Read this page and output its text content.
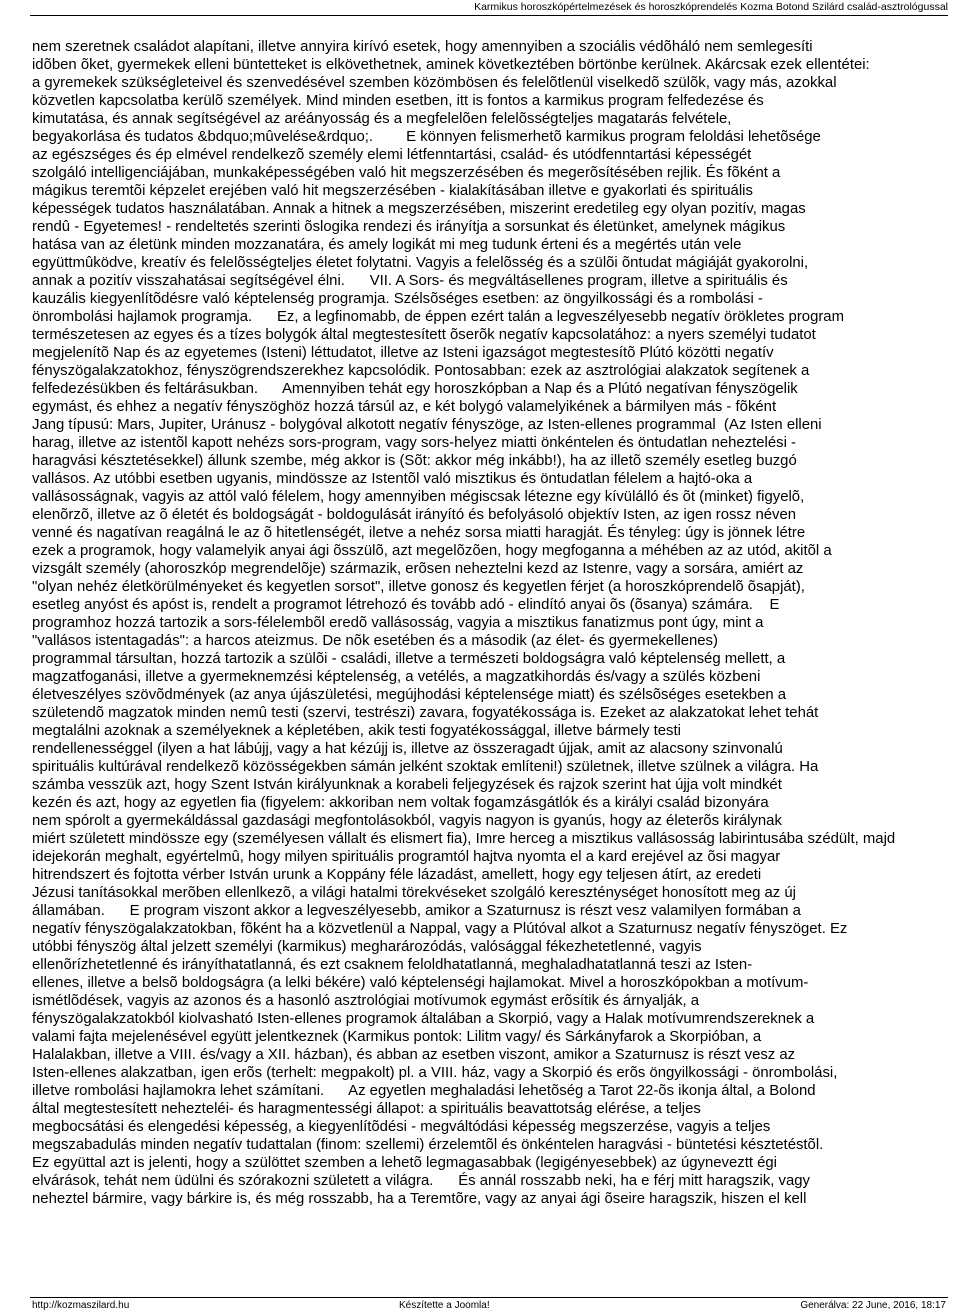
Karmikus horoszkópértelmezések és horoszkóprendelés Kozma Botond Szilárd család-asztrológussal
nem szeretnek családot alapítani, illetve annyira kirívó esetek, hogy amennyiben a szociális védõháló nem semlegesíti
idõben õket, gyermekek elleni büntetteket is elkövethetnek, aminek következtében börtönbe kerülnek. Akárcsak ezek ellentétei:
a gyremekek szükségleteivel és szenvedésével szemben közömbösen és felelõtlenül viselkedõ szülõk, vagy más, azokkal
közvetlen kapcsolatba kerülõ személyek. Mind minden esetben, itt is fontos a karmikus program felfedezése és
kimutatása, és annak segítségével az aréányosság és a megfelelõen felelõsségteljes magatarás felvétele,
begyakorlása és tudatos &bdquo;mûvelése&rdquo;.        E könnyen felismerhetõ karmikus program feloldási lehetõsége
az egészséges és ép elmével rendelkezõ személy elemi létfenntartási, család- és utódfenntartási képességét
szolgáló intelligenciájában, munkaképességében való hit megszerzésében és megerõsítésében rejlik. És fõként a
mágikus teremtõi képzelet erejében való hit megszerzésében - kialakításában illetve e gyakorlati és spirituális
képességek tudatos használatában. Annak a hitnek a megszerzésében, miszerint eredetileg egy olyan pozitív, magas
rendû - Egyetemes! - rendeltetés szerinti õslogika rendezi és irányítja a sorsunkat és életünket, amelynek mágikus
hatása van az életünk minden mozzanatára, és amely logikát mi meg tudunk érteni és a megértés után vele
együttmûködve, kreatív és felelõsségteljes életet folytatni. Vagyis a felelõsség és a szülõi õntudat mágiáját gyakorolni,
annak a pozitív visszahatásai segítségével élni.      VII. A Sors- és megváltásellenes program, illetve a spirituális és
kauzális kiegyenlítõdésre való képtelenség programja. Szélsõséges esetben: az öngyilkossági és a rombolási -
önrombolási hajlamok programja.      Ez, a legfinomabb, de éppen ezért talán a legveszélyesebb negatív örökletes program
természetesen az egyes és a tízes bolygók által megtestesített õserõk negatív kapcsolatához: a nyers személyi tudatot
megjelenítõ Nap és az egyetemes (Isteni) léttudatot, illetve az Isteni igazságot megtestesítõ Plútó közötti negatív
fényszögalakzatokhoz, fényszögrendszerekhez kapcsolódik. Pontosabban: ezek az asztrológiai alakzatok segítenek a
felfedezésükben és feltárásukban.      Amennyiben tehát egy horoszkópban a Nap és a Plútó negatívan fényszögelik
egymást, és ehhez a negatív fényszöghöz hozzá társúl az, e két bolygó valamelyikének a bármilyen más - fõként
Jang típusú: Mars, Jupiter, Uránusz - bolygóval alkotott negatív fényszöge, az Isten-ellenes programmal  (Az Isten elleni
harag, illetve az istentõl kapott nehézs sors-program, vagy sors-helyez miatti önkéntelen és öntudatlan neheztelési -
haragvási késztetésekkel) állunk szembe, még akkor is (Sõt: akkor még inkább!), ha az illetõ személy esetleg buzgó
vallásos. Az utóbbi esetben ugyanis, mindössze az Istentõl való misztikus és öntudatlan félelem a hajtó-oka a
vallásosságnak, vagyis az attól való félelem, hogy amennyiben mégiscsak létezne egy kívülálló és õt (minket) figyelõ,
elenõrzõ, illetve az õ életét és boldogságát - boldogulását irányító és befolyásoló objektív Isten, az igen rossz néven
venné és nagatívan reagálná le az õ hitetlenségét, iletve a nehéz sorsa miatti haragját. És tényleg: úgy is jönnek létre
ezek a programok, hogy valamelyik anyai ági õsszülõ, azt megelõzõen, hogy megfoganna a méhében az az utód, akitõl a
vizsgált személy (ahoroszkóp megrendelõje) származik, erõsen neheztelni kezd az Istenre, vagy a sorsára, amiért az
"olyan nehéz életkörülményeket és kegyetlen sorsot", illetve gonosz és kegyetlen férjet (a horoszkóprendelõ õsapját),
esetleg anyóst és apóst is, rendelt a programot létrehozó és tovább adó - elindító anyai õs (õsanya) számára.    E
programhoz hozzá tartozik a sors-félelembõl eredõ vallásosság, vagyia a misztikus fanatizmus pont úgy, mint a
"vallásos istentagadás": a harcos ateizmus. De nõk esetében és a második (az élet- és gyermekellenes)
programmal társultan, hozzá tartozik a szülõi - családi, illetve a természeti boldogságra való képtelenség mellett, a
magzatfoganási, illetve a gyermeknemzési képtelenség, a vetélés, a magzatkihordás és/vagy a szülés közbeni
életveszélyes szövõdmények (az anya újászületési, megújhodási képtelensége miatt) és szélsõséges esetekben a
születendõ magzatok minden nemû testi (szervi, testrészi) zavara, fogyatékossága is. Ezeket az alakzatokat lehet tehát
megtalálni azoknak a személyeknek a képletében, akik testi fogyatékossággal, illetve bármely testi
rendellenességgel (ilyen a hat lábújj, vagy a hat kézújj is, illetve az összeragadt újjak, amit az alacsony szinvonalú
spirituális kultúrával rendelkezõ közösségekben sámán jelként szoktak említeni!) születnek, illetve szülnek a világra. Ha
számba vesszük azt, hogy Szent István királyunknak a korabeli feljegyzések és rajzok szerint hat újja volt mindkét
kezén és azt, hogy az egyetlen fia (figyelem: akkoriban nem voltak fogamzásgátlók és a királyi család bizonyára
nem spórolt a gyermekáldással gazdasági megfontolásokból, vagyis nagyon is gyanús, hogy az életerõs királynak
miért született mindössze egy (személyesen vállalt és elismert fia), Imre herceg a misztikus vallásosság labirintusába szédült, majd
idejekorán meghalt, egyértelmû, hogy milyen spirituális programtól hajtva nyomta el a kard erejével az õsi magyar
hitrendszert és fojtotta vérber István urunk a Koppány féle lázadást, amellett, hogy egy teljesen átírt, az eredeti
Jézusi tanításokkal merõben ellenlkezõ, a világi hatalmi törekvéseket szolgáló kereszténységet honosított meg az új
államában.      E program viszont akkor a legveszélyesebb, amikor a Szaturnusz is részt vesz valamilyen formában a
negatív fényszögalakzatokban, fõként ha a közvetlenül a Nappal, vagy a Plútóval alkot a Szaturnusz negatív fényszöget. Ez
utóbbi fényszög által jelzett személyi (karmikus) megharározódás, valósággal fékezhetetlenné, vagyis
ellenõrízhetetlenné és irányíthatatlanná, és ezt csaknem feloldhatatlanná, meghaladhatatlanná teszi az Isten-
ellenes, illetve a belsõ boldogságra (a lelki békére) való képtelenségi hajlamokat. Mivel a horoszkópokban a motívum-
ismétlõdések, vagyis az azonos és a hasonló asztrológiai motívumok egymást erõsítik és árnyalják, a
fényszögalakzatokból kiolvasható Isten-ellenes programok általában a Skorpió, vagy a Halak motívumrendszereknek a
valami fajta mejelenésével együtt jelentkeznek (Karmikus pontok: Lilitm vagy/ és Sárkányfarok a Skorpióban, a
Halalakban, illetve a VIII. és/vagy a XII. házban), és abban az esetben viszont, amikor a Szaturnusz is részt vesz az
Isten-ellenes alakzatban, igen erõs (terhelt: megpakolt) pl. a VIII. ház, vagy a Skorpió és erõs öngyilkossági - önrombolási,
illetve rombolási hajlamokra lehet számítani.      Az egyetlen meghaladási lehetõség a Tarot 22-õs ikonja által, a Bolond
által megtestesített nehezteléi- és haragmentességi állapot: a spirituális beavattotság elérése, a teljes
megbocsátási és elengedési képesség, a kiegyenlítõdési - megváltódási képesség megszerzése, vagyis a teljes
megszabadulás minden negatív tudattalan (finom: szellemi) érzelemtõl és önkéntelen haragvási - büntetési késztetéstõl.
Ez együttal azt is jelenti, hogy a szülöttet szemben a lehetõ legmagasabbak (legigényesebbek) az úgyneveztt égi
elvárások, tehát nem üdülni és szórakozni született a világra.      És annál rosszabb neki, ha e férj mitt haragszik, vagy
neheztel bármire, vagy bárkire is, és még rosszabb, ha a Teremtõre, vagy az anyai ági õseire haragszik, hiszen el kell
http://kozmaszilard.hu	Készítette a Joomla!	Generálva: 22 June, 2016, 18:17
